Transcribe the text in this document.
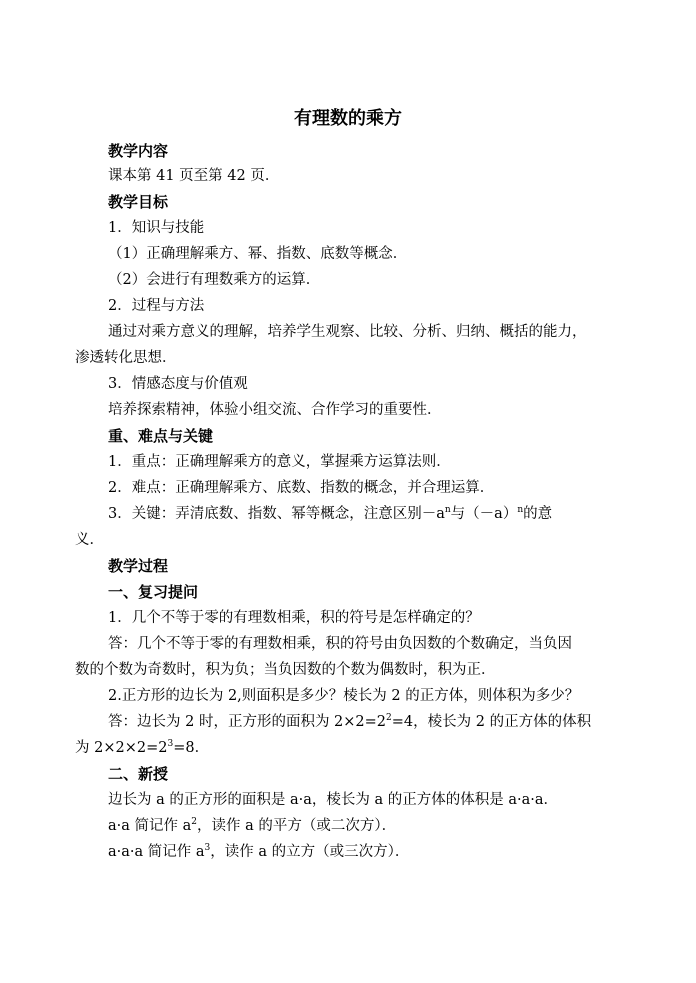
有理数的乘方
教学内容
课本第 41 页至第 42 页．
教学目标
1．知识与技能
（1）正确理解乘方、幂、指数、底数等概念．
（2）会进行有理数乘方的运算．
2．过程与方法
通过对乘方意义的理解，培养学生观察、比较、分析、归纳、概括的能力，
渗透转化思想．
3．情感态度与价值观
培养探索精神，体验小组交流、合作学习的重要性．
重、难点与关键
1．重点：正确理解乘方的意义，掌握乘方运算法则．
2．难点：正确理解乘方、底数、指数的概念，并合理运算．
3．关键：弄清底数、指数、幂等概念，注意区别$-a^n$与$(-a)^n$的意
义．
教学过程
一、复习提问
1．几个不等于零的有理数相乘，积的符号是怎样确定的？
答：几个不等于零的有理数相乘，积的符号由负因数的个数确定，当负因
数的个数为奇数时，积为负；当负因数的个数为偶数时，积为正．
2.正方形的边长为 2,则面积是多少？棱长为 2 的正方体，则体积为多少？
答：边长为 2 时，正方形的面积为 $2\times 2=2^2=4$，棱长为 2 的正方体的体积
为 $2\times 2\times 2=2^3=8$．
二、新授
边长为 a 的正方形的面积是 a·a，棱长为 a 的正方体的体积是 a·a·a．
a·a 简记作 $a^2$，读作 a 的平方（或二次方）．
a·a·a 简记作 $a^3$，读作 a 的立方（或三次方）．
